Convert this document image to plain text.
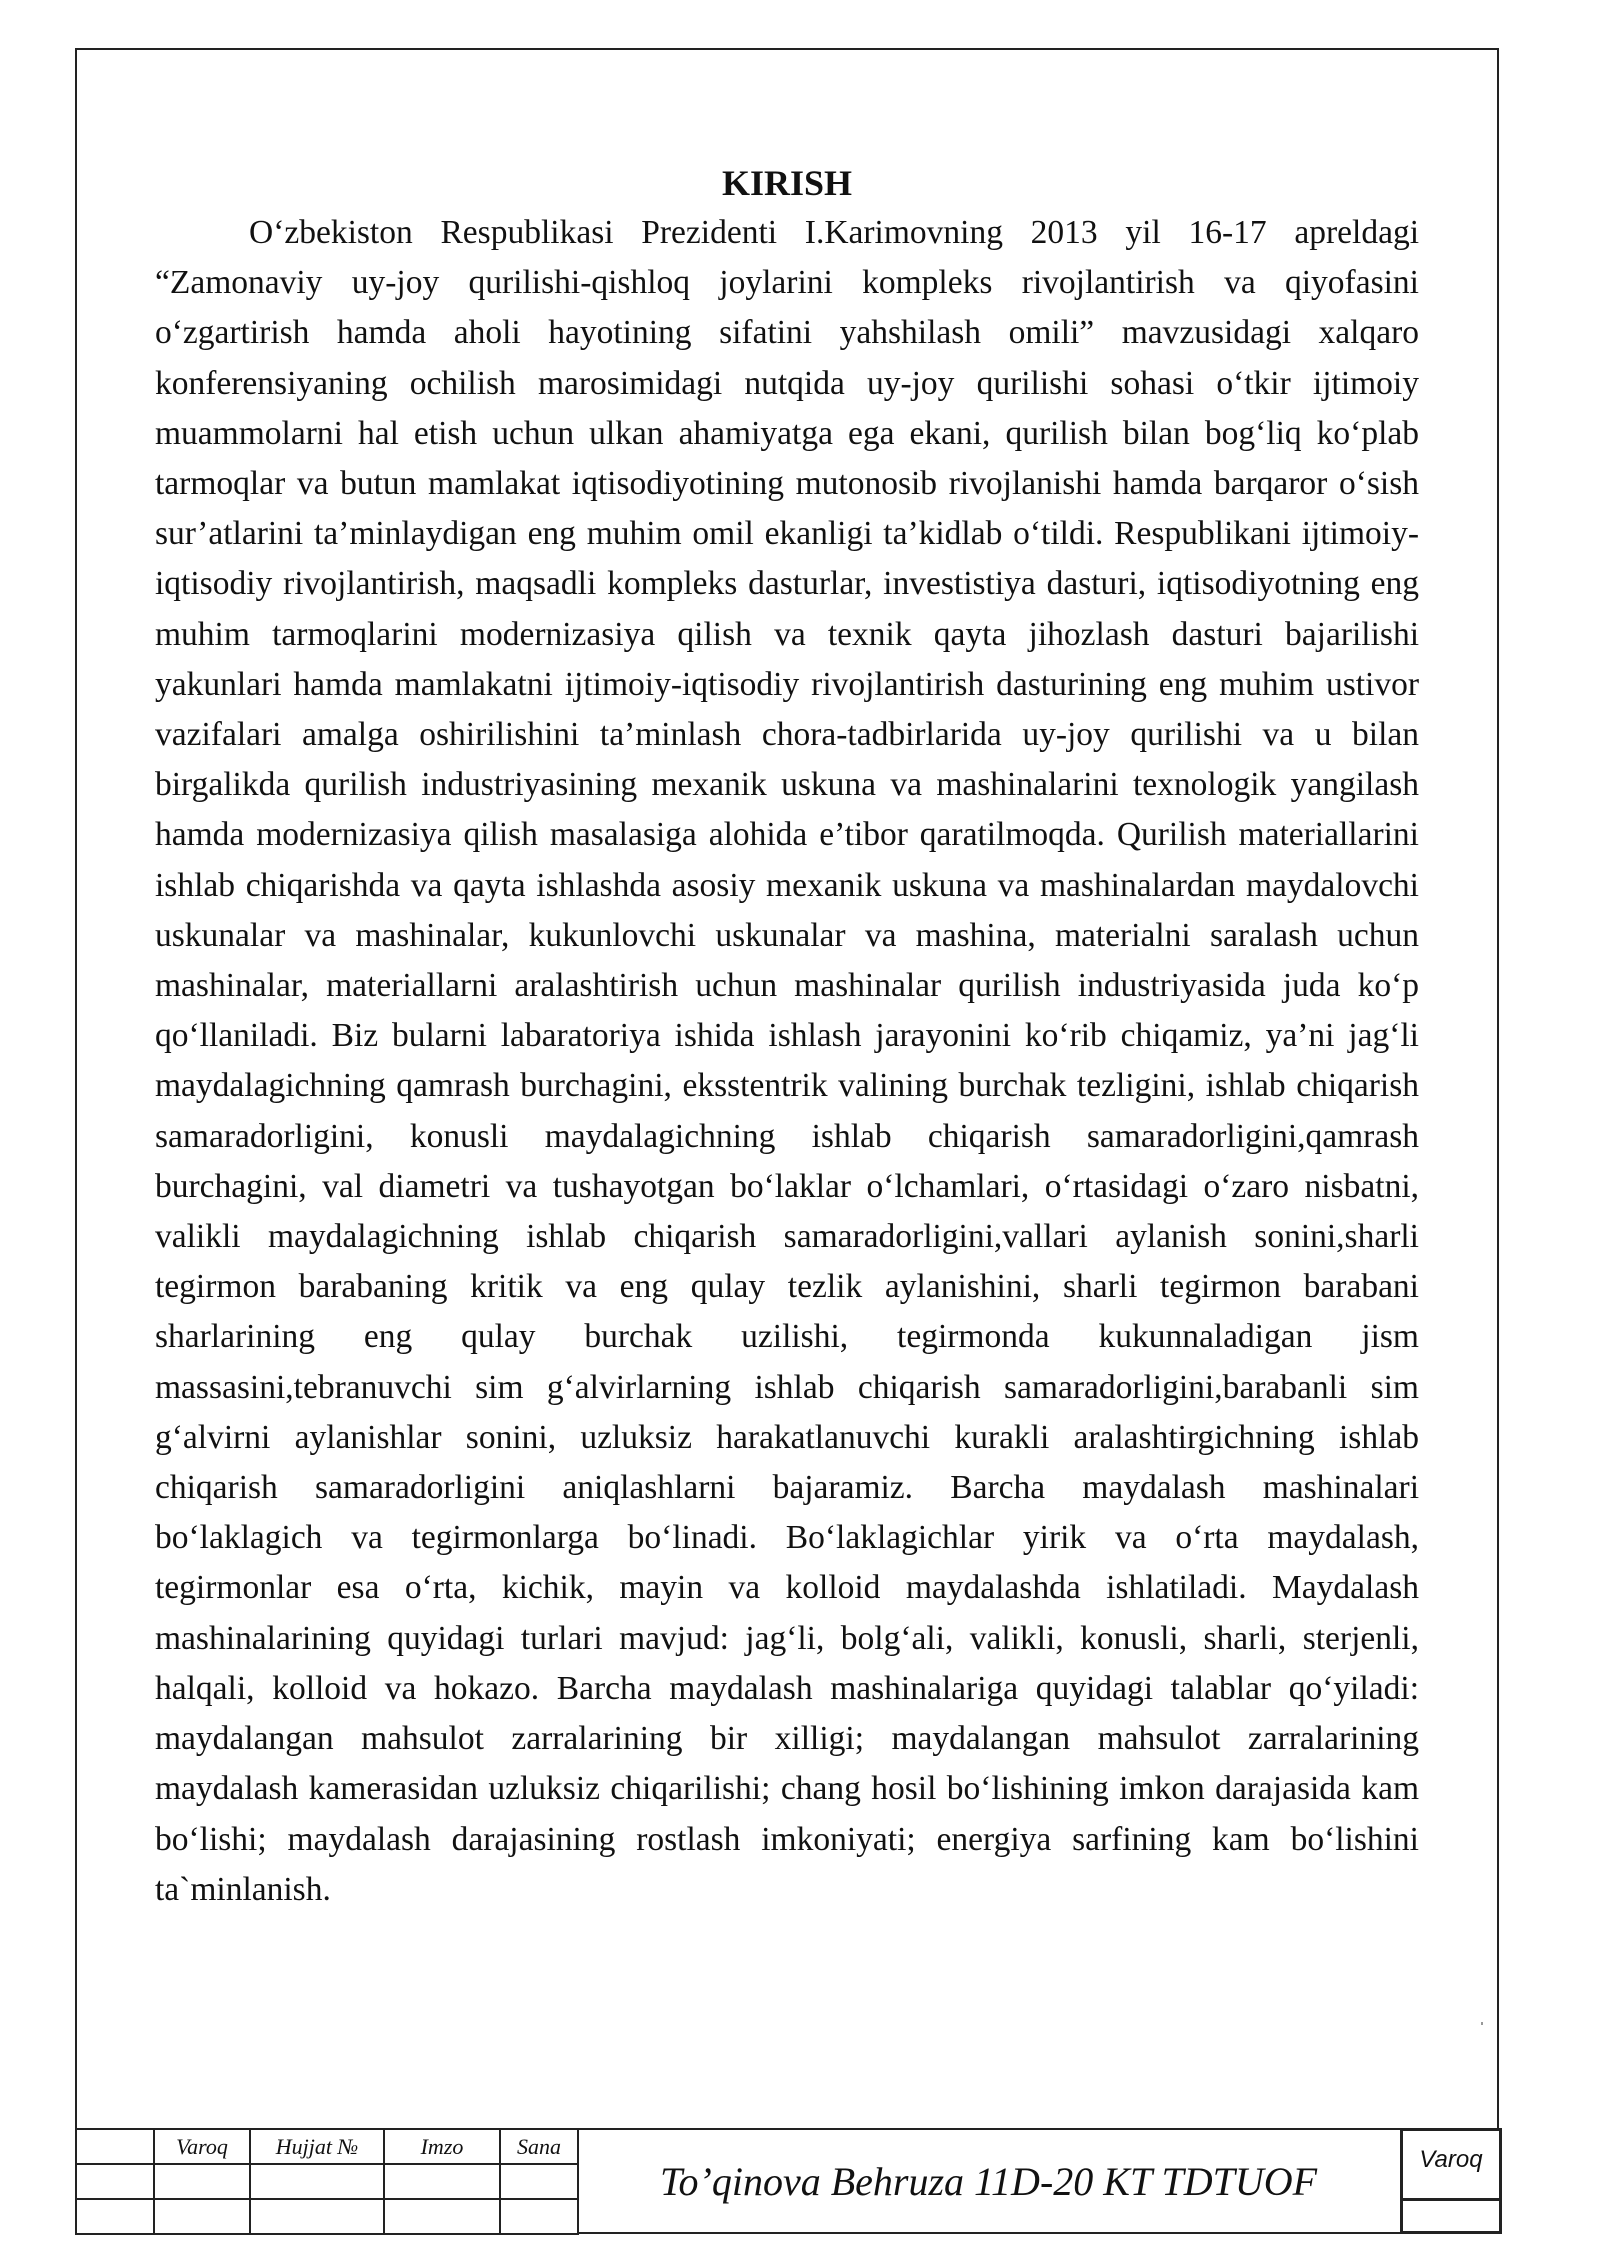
KIRISH

O‘zbekiston Respublikasi Prezidenti I.Karimovning 2013 yil 16-17 apreldagi “Zamonaviy uy-joy qurilishi-qishloq joylarini kompleks rivojlantirish va qiyofasini o‘zgartirish hamda aholi hayotining sifatini yahshilash omili” mavzusidagi xalqaro konferensiyaning ochilish marosimidagi nutqida uy-joy qurilishi sohasi o‘tkir ijtimoiy muammolarni hal etish uchun ulkan ahamiyatga ega ekani, qurilish bilan bog‘liq ko‘plab tarmoqlar va butun mamlakat iqtisodiyotining mutonosib rivojlanishi hamda barqaror o‘sish sur’atlarini ta’minlaydigan eng muhim omil ekanligi ta’kidlab o‘tildi. Respublikani ijtimoiy-iqtisodiy rivojlantirish, maqsadli kompleks dasturlar, investistiya dasturi, iqtisodiyotning eng muhim tarmoqlarini modernizasiya qilish va texnik qayta jihozlash dasturi bajarilishi yakunlari hamda mamlakatni ijtimoiy-iqtisodiy rivojlantirish dasturining eng muhim ustivor vazifalari amalga oshirilishini ta’minlash chora-tadbirlarida uy-joy qurilishi va u bilan birgalikda qurilish industriyasining mexanik uskuna va mashinalarini texnologik yangilash hamda modernizasiya qilish masalasiga alohida e’tibor qaratilmoqda. Qurilish materiallarini ishlab chiqarishda va qayta ishlashda asosiy mexanik uskuna va mashinalardan maydalovchi uskunalar va mashinalar, kukunlovchi uskunalar va mashina, materialni saralash uchun mashinalar, materiallarni aralashtirish uchun mashinalar qurilish industriyasida juda ko‘p qo‘llaniladi. Biz bularni labaratoriya ishida ishlash jarayonini ko‘rib chiqamiz, ya’ni jag‘li maydalagichning qamrash burchagini, eksstentrik valining burchak tezligini, ishlab chiqarish samaradorligini, konusli maydalagichning ishlab chiqarish samaradorligini,qamrash burchagini, val diametri va tushayotgan bo‘laklar o‘lchamlari, o‘rtasidagi o‘zaro nisbatni, valikli maydalagichning ishlab chiqarish samaradorligini,vallari aylanish sonini,sharli tegirmon barabaning kritik va eng qulay tezlik aylanishini, sharli tegirmon barabani sharlarining eng qulay burchak uzilishi, tegirmonda kukunnaladigan jism massasini,tebranuvchi sim g‘alvirlarning ishlab chiqarish samaradorligini,barabanli sim g‘alvirni aylanishlar sonini, uzluksiz harakatlanuvchi kurakli aralashtirgichning ishlab chiqarish samaradorligini aniqlashlarni bajaramiz. Barcha maydalash mashinalari bo‘laklagich va tegirmonlarga bo‘linadi. Bo‘laklagichlar yirik va o‘rta maydalash, tegirmonlar esa o‘rta, kichik, mayin va kolloid maydalashda ishlatiladi. Maydalash mashinalarining quyidagi turlari mavjud: jag‘li, bolg‘ali, valikli, konusli, sharli, sterjenli, halqali, kolloid va hokazo. Barcha maydalash mashinalariga quyidagi talablar qo‘yiladi: maydalangan mahsulot zarralarining bir xilligi; maydalangan mahsulot zarralarining maydalash kamerasidan uzluksiz chiqarilishi; chang hosil bo‘lishining imkon darajasida kam bo‘lishi; maydalash darajasining rostlash imkoniyati; energiya sarfining kam bo‘lishini ta`minlanish.

	Varoq	Hujjat №	Imzo	Sana

To’qinova Behruza 11D-20 KT TDTUOF	Varoq
